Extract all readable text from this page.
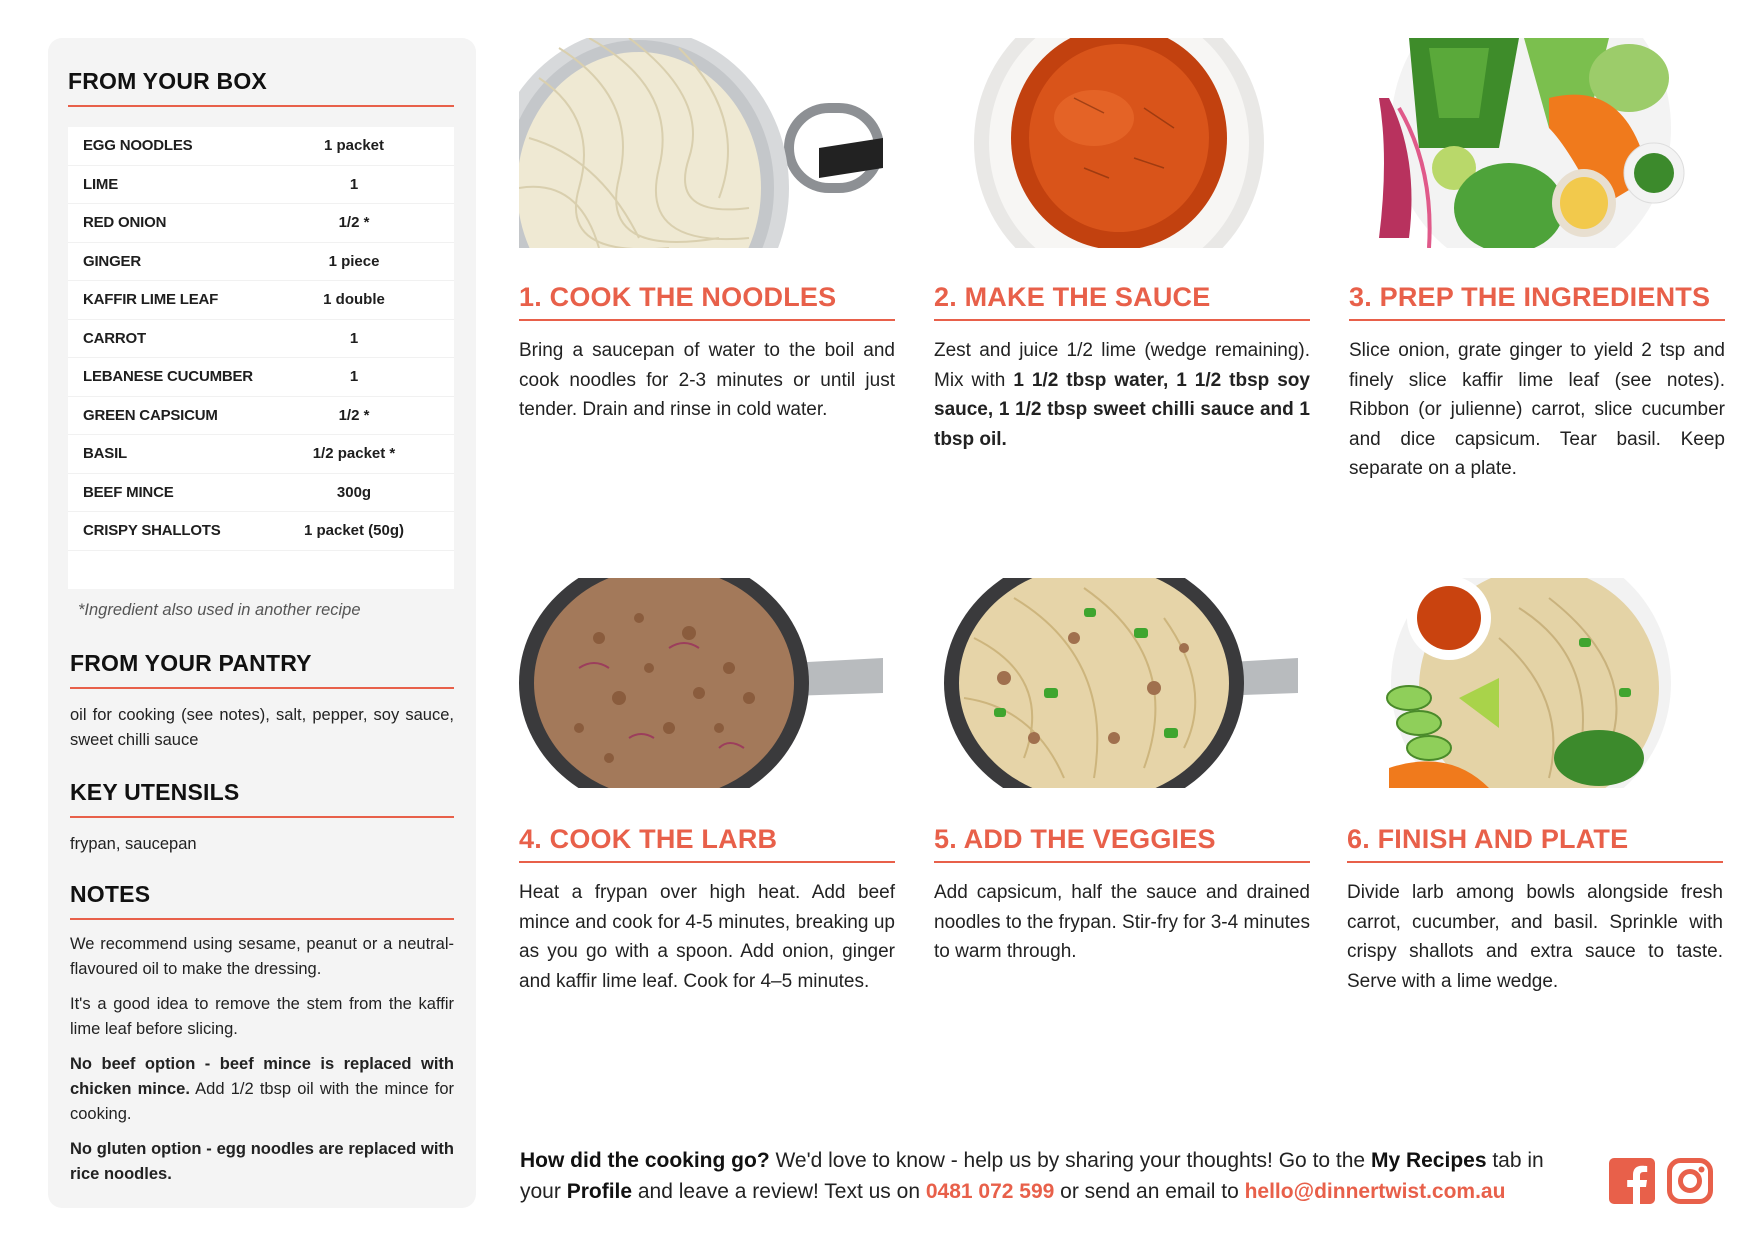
FROM YOUR BOX
EGG NOODLES	1 packet
LIME	1
RED ONION	1/2 *
GINGER	1 piece
KAFFIR LIME LEAF	1 double
CARROT	1
LEBANESE CUCUMBER	1
GREEN CAPSICUM	1/2 *
BASIL	1/2 packet *
BEEF MINCE	300g
CRISPY SHALLOTS	1 packet (50g)
*Ingredient also used in another recipe
FROM YOUR PANTRY
oil for cooking (see notes), salt, pepper, soy sauce, sweet chilli sauce
KEY UTENSILS
frypan, saucepan
NOTES
We recommend using sesame, peanut or a neutral-flavoured oil to make the dressing.
It's a good idea to remove the stem from the kaffir lime leaf before slicing.
No beef option - beef mince is replaced with chicken mince. Add 1/2 tbsp oil with the mince for cooking.
No gluten option - egg noodles are replaced with rice noodles.
1. COOK THE NOODLES
Bring a saucepan of water to the boil and cook noodles for 2-3 minutes or until just tender. Drain and rinse in cold water.
2. MAKE THE SAUCE
Zest and juice 1/2 lime (wedge remaining). Mix with 1 1/2 tbsp water, 1 1/2 tbsp soy sauce, 1 1/2 tbsp sweet chilli sauce and 1 tbsp oil.
3. PREP THE INGREDIENTS
Slice onion, grate ginger to yield 2 tsp and finely slice kaffir lime leaf (see notes). Ribbon (or julienne) carrot, slice cucumber and dice capsicum. Tear basil. Keep separate on a plate.
4. COOK THE LARB
Heat a frypan over high heat. Add beef mince and cook for 4-5 minutes, breaking up as you go with a spoon. Add onion, ginger and kaffir lime leaf. Cook for 4–5 minutes.
5. ADD THE VEGGIES
Add capsicum, half the sauce and drained noodles to the frypan. Stir-fry for 3-4 minutes to warm through.
6. FINISH AND PLATE
Divide larb among bowls alongside fresh carrot, cucumber, and basil. Sprinkle with crispy shallots and extra sauce to taste. Serve with a lime wedge.
How did the cooking go? We'd love to know - help us by sharing your thoughts! Go to the My Recipes tab in your Profile and leave a review! Text us on 0481 072 599 or send an email to hello@dinnertwist.com.au
